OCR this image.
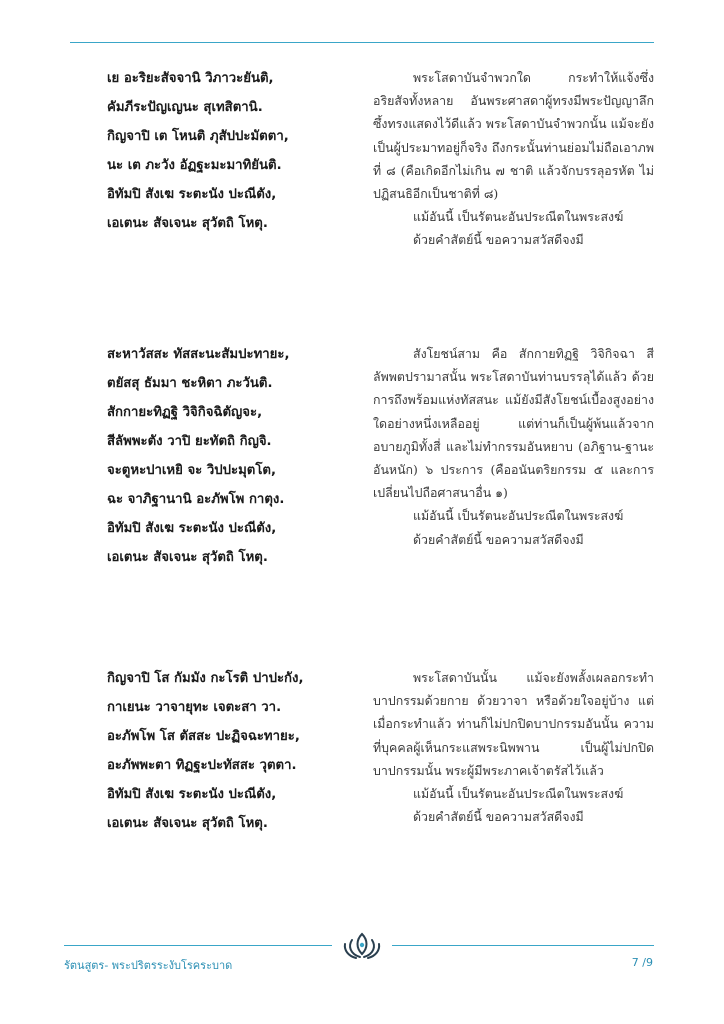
เย อะริยะสัจจานิ วิภาวะยันติ,
คัมภีระปัญเญนะ สุเทสิตานิ.
กิญจาปิ เต โหนติ ภุสัปปะมัตตา,
นะ เต ภะวัง อัฏฐะมะมาทิยันติ.
อิทัมปิ สังเฆ ระตะนัง ปะณีตัง,
เอเตนะ สัจเจนะ สุวัตถิ โหตุ.

พระโสดาบันจำพวกใด กระทำให้แจ้งซึ่งอริยสัจทั้งหลาย อันพระศาสดาผู้ทรงมีพระปัญญาลึกซึ้งทรงแสดงไว้ดีแล้ว พระโสดาบันจำพวกนั้น แม้จะยังเป็นผู้ประมาทอยู่ก็จริง ถึงกระนั้นท่านย่อมไม่ถือเอาภพที่ ๘ (คือเกิดอีกไม่เกิน ๗ ชาติ แล้วจักบรรลุอรหัต ไม่ปฏิสนธิอีกเป็นชาติที่ ๘)

แม้อันนี้ เป็นรัตนะอันประณีตในพระสงฆ์
ด้วยคำสัตย์นี้ ขอความสวัสดีจงมี
สะหาวัสสะ ทัสสะนะสัมปะทายะ,
ตยัสสุ ธัมมา ชะหิตา ภะวันติ.
สักกายะทิฏฐิ วิจิกิจฉิตัญจะ,
สีลัพพะตัง วาปิ ยะทัตถิ กิญจิ.
จะตูหะปาเหยิ จะ วิปปะมุตโต,
ฉะ จาภิฐานานิ อะภัพโพ กาตุง.
อิทัมปิ สังเฆ ระตะนัง ปะณีตัง,
เอเตนะ สัจเจนะ สุวัตถิ โหตุ.

สังโยชน์สาม คือ สักกายทิฏฐิ วิจิกิจฉา สีลัพพตปรามาสนั้น พระโสดาบันท่านบรรลุได้แล้ว ด้วยการถึงพร้อมแห่งทัสสนะ แม้ยังมีสังโยชน์เบื้องสูงอย่างใดอย่างหนึ่งเหลืออยู่ แต่ท่านก็เป็นผู้พ้นแล้วจากอบายภูมิทั้งสี่ และไม่ทำกรรมอันหยาบ (อภิฐาน-ฐานะอันหนัก) ๖ ประการ (คืออนันตริยกรรม ๕ และการเปลี่ยนไปถือศาสนาอื่น ๑)

แม้อันนี้ เป็นรัตนะอันประณีตในพระสงฆ์
ด้วยคำสัตย์นี้ ขอความสวัสดีจงมี
กิญจาปิ โส กัมมัง กะโรติ ปาปะกัง,
กาเยนะ วาจายุทะ เจตะสา วา.
อะภัพโพ โส ตัสสะ ปะฏิจฉะทายะ,
อะภัพพะตา ทิฏฐะปะทัสสะ วุตตา.
อิทัมปิ สังเฆ ระตะนัง ปะณีตัง,
เอเตนะ สัจเจนะ สุวัตถิ โหตุ.

พระโสดาบันนั้น แม้จะยังพลั้งเผลอกระทำบาปกรรมด้วยกาย ด้วยวาจา หรือด้วยใจอยู่บ้าง แต่เมื่อกระทำแล้ว ท่านก็ไม่ปกปิดบาปกรรมอันนั้น ความที่บุคคลผู้เห็นกระแสพระนิพพาน เป็นผู้ไม่ปกปิดบาปกรรมนั้น พระผู้มีพระภาคเจ้าตรัสไว้แล้ว

แม้อันนี้ เป็นรัตนะอันประณีตในพระสงฆ์
ด้วยคำสัตย์นี้ ขอความสวัสดีจงมี
รัตนสูตร- พระปริตรระงับโรคระบาด	7 /9
